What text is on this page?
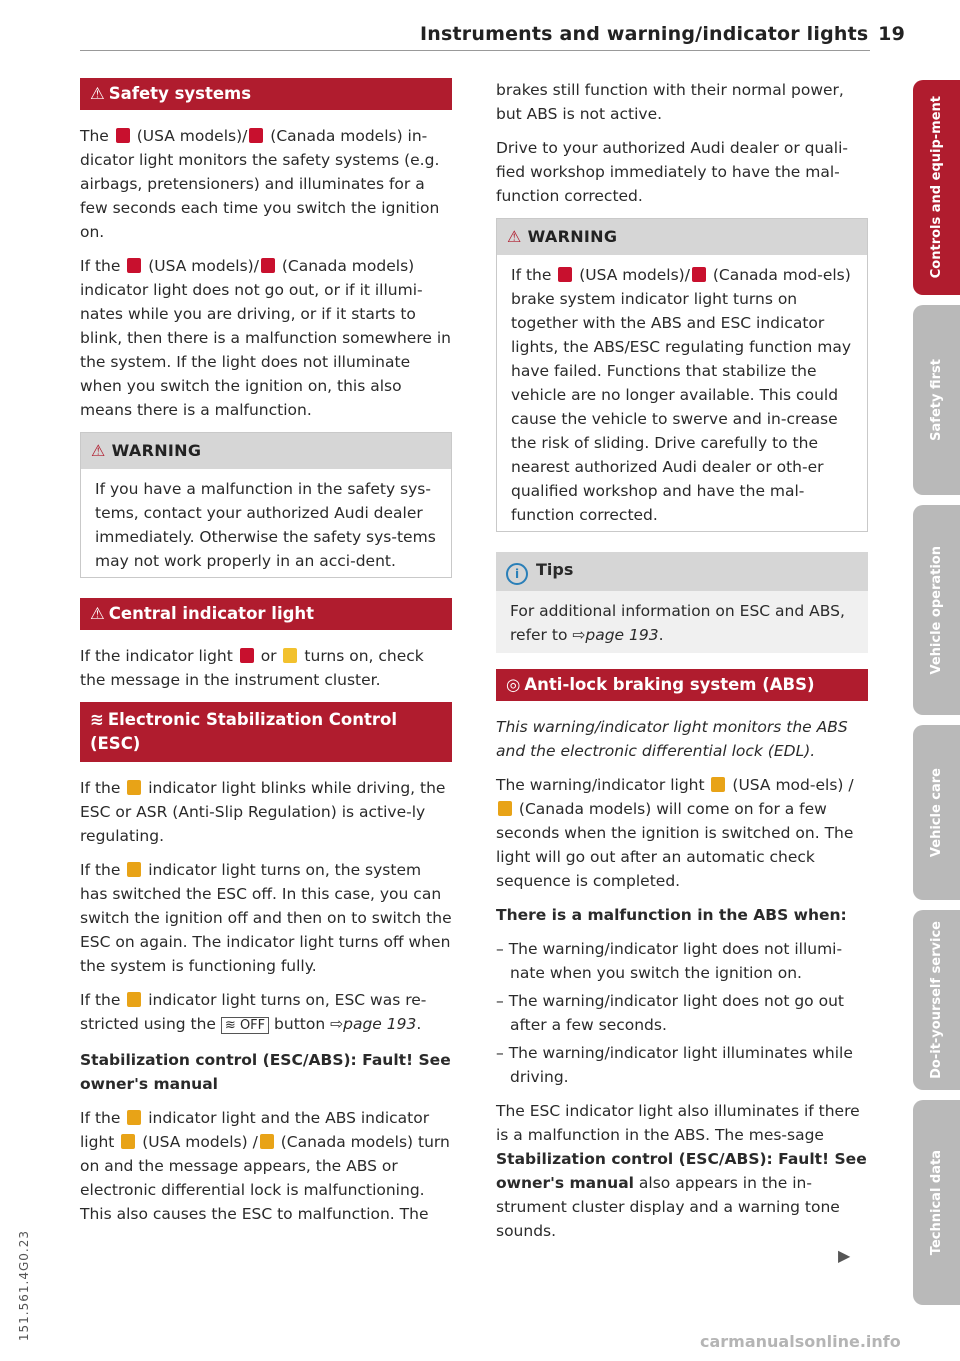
Instruments and warning/indicator lights 19
⚠ Safety systems

The  (USA models)/ (Canada models) in-dicator light monitors the safety systems (e.g. airbags, pretensioners) and illuminates for a few seconds each time you switch the ignition on.

If the  (USA models)/ (Canada models) indicator light does not go out, or if it illumi-nates while you are driving, or if it starts to blink, then there is a malfunction somewhere in the system. If the light does not illuminate when you switch the ignition on, this also means there is a malfunction.

⚠ WARNING
If you have a malfunction in the safety sys-tems, contact your authorized Audi dealer immediately. Otherwise the safety sys-tems may not work properly in an acci-dent.
⚠ Central indicator light

If the indicator light  or  turns on, check the message in the instrument cluster.

≋ Electronic Stabilization Control (ESC)

If the  indicator light blinks while driving, the ESC or ASR (Anti-Slip Regulation) is active-ly regulating.

If the  indicator light turns on, the system has switched the ESC off. In this case, you can switch the ignition off and then on to switch the ESC on again. The indicator light turns off when the system is functioning fully.

If the  indicator light turns on, ESC was re-stricted using the ≋ OFF button ⇨page 193.

Stabilization control (ESC/ABS): Fault! See owner's manual

If the  indicator light and the ABS indicator light  (USA models) / (Canada models) turn on and the message appears, the ABS or electronic differential lock is malfunctioning. This also causes the ESC to malfunction. The

brakes still function with their normal power, but ABS is not active.

Drive to your authorized Audi dealer or quali-fied workshop immediately to have the mal-function corrected.

⚠ WARNING
If the  (USA models)/ (Canada mod-els) brake system indicator light turns on together with the ABS and ESC indicator lights, the ABS/ESC regulating function may have failed. Functions that stabilize the vehicle are no longer available. This could cause the vehicle to swerve and in-crease the risk of sliding. Drive carefully to the nearest authorized Audi dealer or oth-er qualified workshop and have the mal-function corrected.
i Tips
For additional information on ESC and ABS, refer to ⇨page 193.
◎ Anti-lock braking system (ABS)

This warning/indicator light monitors the ABS and the electronic differential lock (EDL).

The warning/indicator light  (USA mod-els) / (Canada models) will come on for a few seconds when the ignition is switched on. The light will go out after an automatic check sequence is completed.

There is a malfunction in the ABS when:

– The warning/indicator light does not illumi-nate when you switch the ignition on.
– The warning/indicator light does not go out after a few seconds.
– The warning/indicator light illuminates while driving.

The ESC indicator light also illuminates if there is a malfunction in the ABS. The mes-sage Stabilization control (ESC/ABS): Fault! See owner's manual also appears in the in-strument cluster display and a warning tone sounds.

▶
Controls and equip-ment
Safety first
Vehicle operation
Vehicle care
Do-it-yourself service
Technical data
151.561.4G0.23
carmanualsonline.info
